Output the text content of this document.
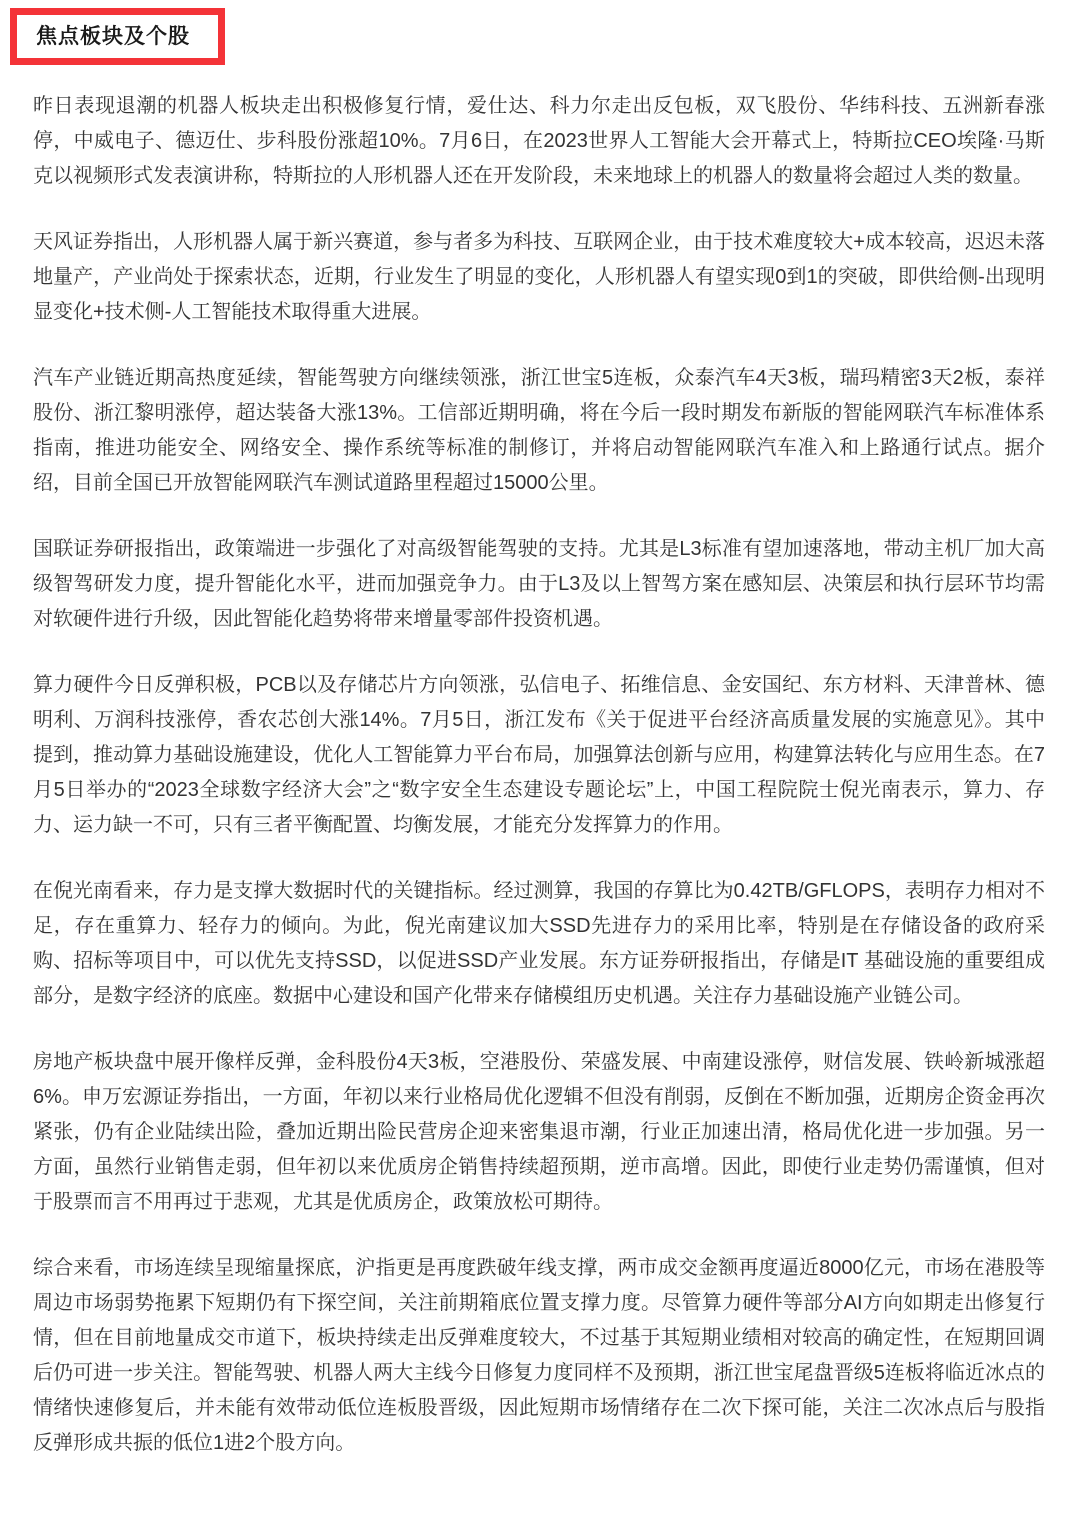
焦点板块及个股

昨日表现退潮的机器人板块走出积极修复行情，爱仕达、科力尔走出反包板，双飞股份、华纬科技、五洲新春涨停，中威电子、德迈仕、步科股份涨超10%。7月6日，在2023世界人工智能大会开幕式上，特斯拉CEO埃隆·马斯克以视频形式发表演讲称，特斯拉的人形机器人还在开发阶段，未来地球上的机器人的数量将会超过人类的数量。

天风证券指出，人形机器人属于新兴赛道，参与者多为科技、互联网企业，由于技术难度较大+成本较高，迟迟未落地量产，产业尚处于探索状态，近期，行业发生了明显的变化，人形机器人有望实现0到1的突破，即供给侧-出现明显变化+技术侧-人工智能技术取得重大进展。

汽车产业链近期高热度延续，智能驾驶方向继续领涨，浙江世宝5连板，众泰汽车4天3板，瑞玛精密3天2板，泰祥股份、浙江黎明涨停，超达装备大涨13%。工信部近期明确，将在今后一段时期发布新版的智能网联汽车标准体系指南，推进功能安全、网络安全、操作系统等标准的制修订，并将启动智能网联汽车准入和上路通行试点。据介绍，目前全国已开放智能网联汽车测试道路里程超过15000公里。

国联证券研报指出，政策端进一步强化了对高级智能驾驶的支持。尤其是L3标准有望加速落地，带动主机厂加大高级智驾研发力度，提升智能化水平，进而加强竞争力。由于L3及以上智驾方案在感知层、决策层和执行层环节均需对软硬件进行升级，因此智能化趋势将带来增量零部件投资机遇。

算力硬件今日反弹积极，PCB以及存储芯片方向领涨，弘信电子、拓维信息、金安国纪、东方材料、天津普林、德明利、万润科技涨停，香农芯创大涨14%。7月5日，浙江发布《关于促进平台经济高质量发展的实施意见》。其中提到，推动算力基础设施建设，优化人工智能算力平台布局，加强算法创新与应用，构建算法转化与应用生态。在7月5日举办的“2023全球数字经济大会”之“数字安全生态建设专题论坛”上，中国工程院院士倪光南表示，算力、存力、运力缺一不可，只有三者平衡配置、均衡发展，才能充分发挥算力的作用。

在倪光南看来，存力是支撑大数据时代的关键指标。经过测算，我国的存算比为0.42TB/GFLOPS，表明存力相对不足，存在重算力、轻存力的倾向。为此，倪光南建议加大SSD先进存力的采用比率，特别是在存储设备的政府采购、招标等项目中，可以优先支持SSD，以促进SSD产业发展。东方证券研报指出，存储是IT 基础设施的重要组成部分，是数字经济的底座。数据中心建设和国产化带来存储模组历史机遇。关注存力基础设施产业链公司。

房地产板块盘中展开像样反弹，金科股份4天3板，空港股份、荣盛发展、中南建设涨停，财信发展、铁岭新城涨超6%。申万宏源证券指出，一方面，年初以来行业格局优化逻辑不但没有削弱，反倒在不断加强，近期房企资金再次紧张，仍有企业陆续出险，叠加近期出险民营房企迎来密集退市潮，行业正加速出清，格局优化进一步加强。另一方面，虽然行业销售走弱，但年初以来优质房企销售持续超预期，逆市高增。因此，即使行业走势仍需谨慎，但对于股票而言不用再过于悲观，尤其是优质房企，政策放松可期待。

综合来看，市场连续呈现缩量探底，沪指更是再度跌破年线支撑，两市成交金额再度逼近8000亿元，市场在港股等周边市场弱势拖累下短期仍有下探空间，关注前期箱底位置支撑力度。尽管算力硬件等部分AI方向如期走出修复行情，但在目前地量成交市道下，板块持续走出反弹难度较大，不过基于其短期业绩相对较高的确定性，在短期回调后仍可进一步关注。智能驾驶、机器人两大主线今日修复力度同样不及预期，浙江世宝尾盘晋级5连板将临近冰点的情绪快速修复后，并未能有效带动低位连板股晋级，因此短期市场情绪存在二次下探可能，关注二次冰点后与股指反弹形成共振的低位1进2个股方向。
